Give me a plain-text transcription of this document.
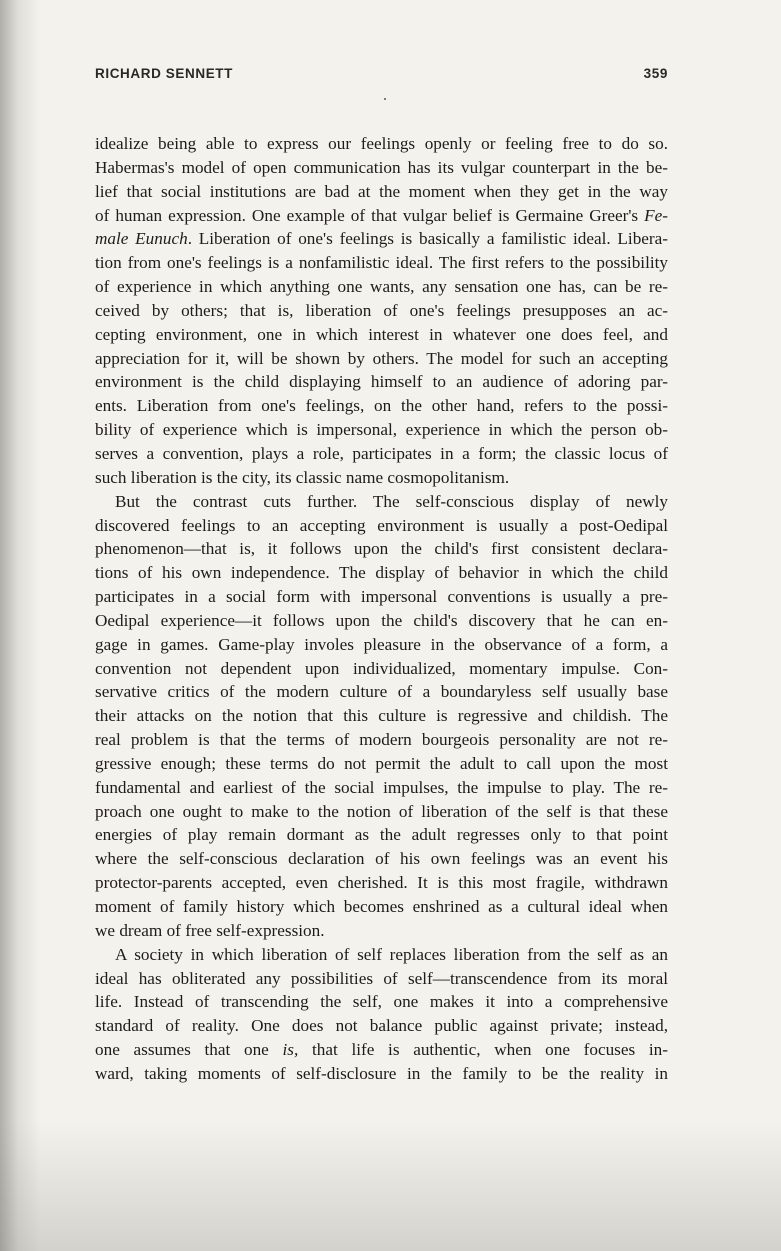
RICHARD SENNETT	359
idealize being able to express our feelings openly or feeling free to do so.
Habermas's model of open communication has its vulgar counterpart in the be-
lief that social institutions are bad at the moment when they get in the way
of human expression. One example of that vulgar belief is Germaine Greer's Fe-
male Eunuch. Liberation of one's feelings is basically a familistic ideal. Libera-
tion from one's feelings is a nonfamilistic ideal. The first refers to the possibility
of experience in which anything one wants, any sensation one has, can be re-
ceived by others; that is, liberation of one's feelings presupposes an ac-
cepting environment, one in which interest in whatever one does feel, and
appreciation for it, will be shown by others. The model for such an accepting
environment is the child displaying himself to an audience of adoring par-
ents. Liberation from one's feelings, on the other hand, refers to the possi-
bility of experience which is impersonal, experience in which the person ob-
serves a convention, plays a role, participates in a form; the classic locus of
such liberation is the city, its classic name cosmopolitanism.
But the contrast cuts further. The self-conscious display of newly
discovered feelings to an accepting environment is usually a post-Oedipal
phenomenon—that is, it follows upon the child's first consistent declara-
tions of his own independence. The display of behavior in which the child
participates in a social form with impersonal conventions is usually a pre-
Oedipal experience—it follows upon the child's discovery that he can en-
gage in games. Game-play involes pleasure in the observance of a form, a
convention not dependent upon individualized, momentary impulse. Con-
servative critics of the modern culture of a boundaryless self usually base
their attacks on the notion that this culture is regressive and childish. The
real problem is that the terms of modern bourgeois personality are not re-
gressive enough; these terms do not permit the adult to call upon the most
fundamental and earliest of the social impulses, the impulse to play. The re-
proach one ought to make to the notion of liberation of the self is that these
energies of play remain dormant as the adult regresses only to that point
where the self-conscious declaration of his own feelings was an event his
protector-parents accepted, even cherished. It is this most fragile, withdrawn
moment of family history which becomes enshrined as a cultural ideal when
we dream of free self-expression.
A society in which liberation of self replaces liberation from the self as an
ideal has obliterated any possibilities of self—transcendence from its moral
life. Instead of transcending the self, one makes it into a comprehensive
standard of reality. One does not balance public against private; instead,
one assumes that one is, that life is authentic, when one focuses in-
ward, taking moments of self-disclosure in the family to be the reality in
